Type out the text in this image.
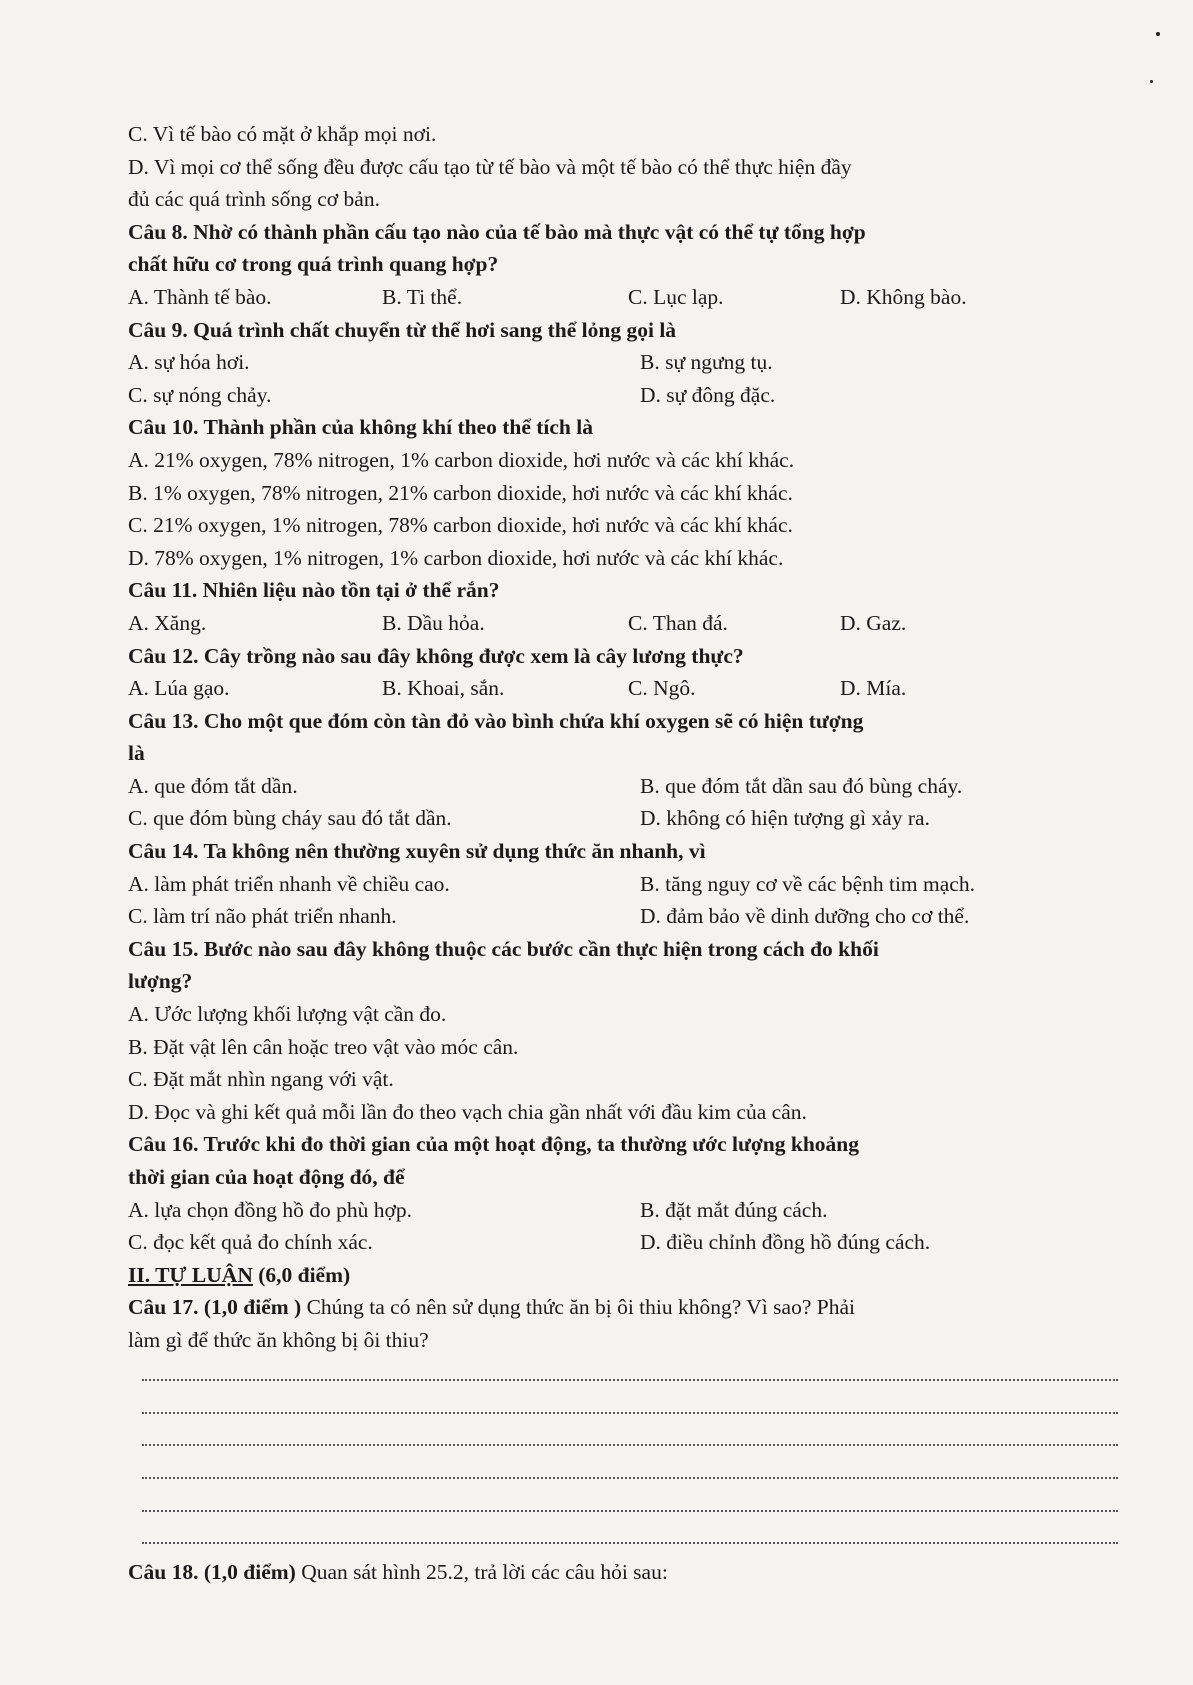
C. Vì tế bào có mặt ở khắp mọi nơi.
D. Vì mọi cơ thể sống đều được cấu tạo từ tế bào và một tế bào có thể thực hiện đầy
đủ các quá trình sống cơ bản.
Câu 8. Nhờ có thành phần cấu tạo nào của tế bào mà thực vật có thể tự tổng hợp
chất hữu cơ trong quá trình quang hợp?
A. Thành tế bào.	B. Ti thể.	C. Lục lạp.	D. Không bào.
Câu 9. Quá trình chất chuyển từ thể hơi sang thể lỏng gọi là
A. sự hóa hơi.	B. sự ngưng tụ.
C. sự nóng chảy.	D. sự đông đặc.
Câu 10. Thành phần của không khí theo thể tích là
A. 21% oxygen, 78% nitrogen, 1% carbon dioxide, hơi nước và các khí khác.
B. 1% oxygen, 78% nitrogen, 21% carbon dioxide, hơi nước và các khí khác.
C. 21% oxygen, 1% nitrogen, 78% carbon dioxide, hơi nước và các khí khác.
D. 78% oxygen, 1% nitrogen, 1% carbon dioxide, hơi nước và các khí khác.
Câu 11. Nhiên liệu nào tồn tại ở thể rắn?
A. Xăng.	B. Dầu hỏa.	C. Than đá.	D. Gaz.
Câu 12. Cây trồng nào sau đây không được xem là cây lương thực?
A. Lúa gạo.	B. Khoai, sắn.	C. Ngô.	D. Mía.
Câu 13. Cho một que đóm còn tàn đỏ vào bình chứa khí oxygen sẽ có hiện tượng
là
A. que đóm tắt dần.	B. que đóm tắt dần sau đó bùng cháy.
C. que đóm bùng cháy sau đó tắt dần.	D. không có hiện tượng gì xảy ra.
Câu 14. Ta không nên thường xuyên sử dụng thức ăn nhanh, vì
A. làm phát triển nhanh về chiều cao.	B. tăng nguy cơ về các bệnh tim mạch.
C. làm trí não phát triển nhanh.	D. đảm bảo về dinh dưỡng cho cơ thể.
Câu 15. Bước nào sau đây không thuộc các bước cần thực hiện trong cách đo khối
lượng?
A. Ước lượng khối lượng vật cần đo.
B. Đặt vật lên cân hoặc treo vật vào móc cân.
C. Đặt mắt nhìn ngang với vật.
D. Đọc và ghi kết quả mỗi lần đo theo vạch chia gần nhất với đầu kim của cân.
Câu 16. Trước khi đo thời gian của một hoạt động, ta thường ước lượng khoảng
thời gian của hoạt động đó, để
A. lựa chọn đồng hồ đo phù hợp.	B. đặt mắt đúng cách.
C. đọc kết quả đo chính xác.	D. điều chỉnh đồng hồ đúng cách.
II. TỰ LUẬN (6,0 điểm)
Câu 17. (1,0 điểm ) Chúng ta có nên sử dụng thức ăn bị ôi thiu không? Vì sao? Phải
làm gì để thức ăn không bị ôi thiu?
Câu 18. (1,0 điểm) Quan sát hình 25.2, trả lời các câu hỏi sau:
